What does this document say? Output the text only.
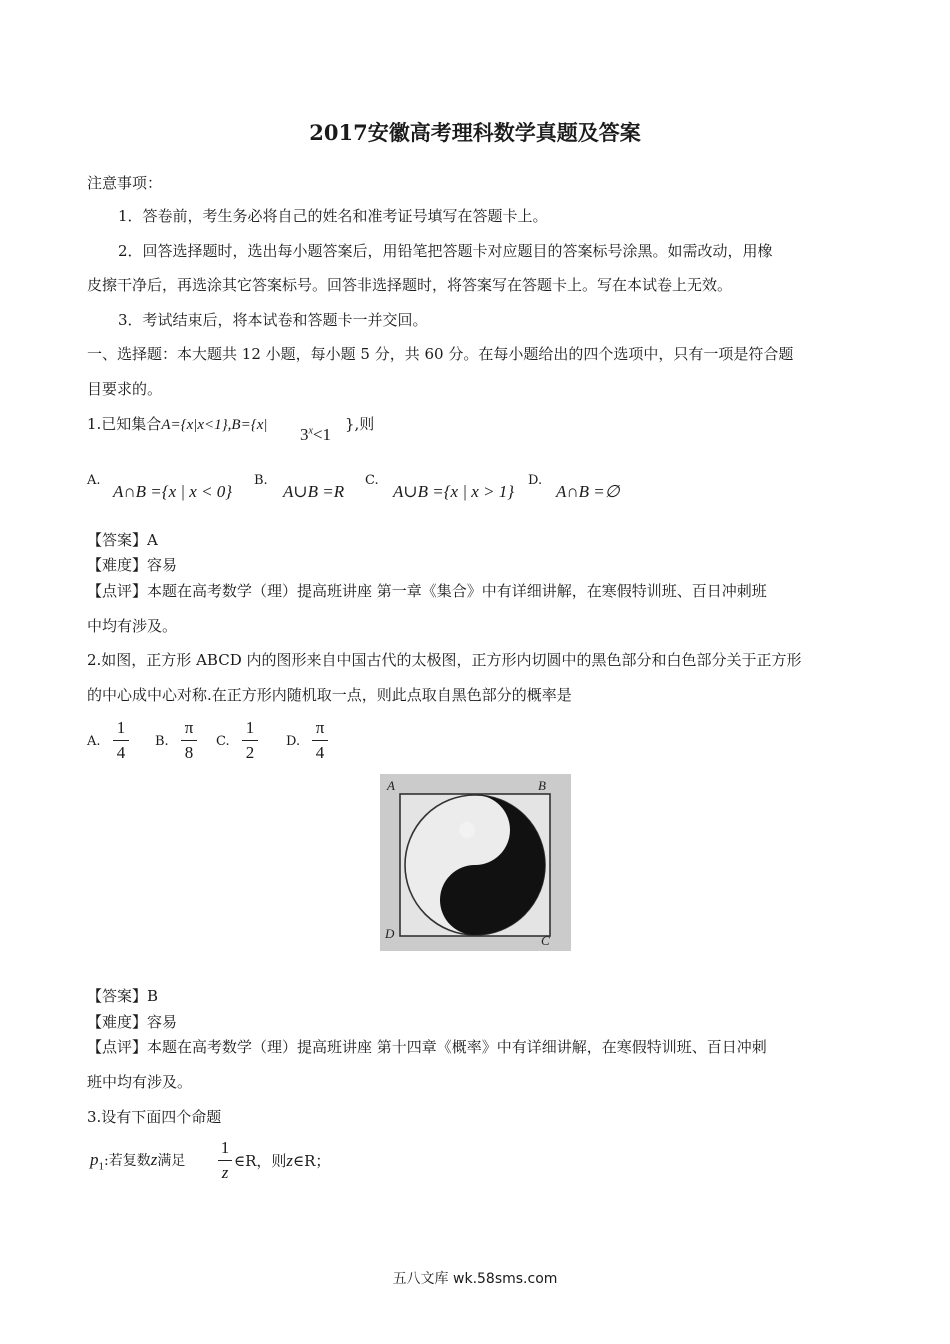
2017安徽高考理科数学真题及答案
注意事项：
1．答卷前，考生务必将自己的姓名和准考证号填写在答题卡上。
2．回答选择题时，选出每小题答案后，用铅笔把答题卡对应题目的答案标号涂黑。如需改动，用橡
皮擦干净后，再选涂其它答案标号。回答非选择题时，将答案写在答题卡上。写在本试卷上无效。
3．考试结束后，将本试卷和答题卡一并交回。
一、选择题：本大题共 12 小题，每小题 5 分，共 60 分。在每小题给出的四个选项中，只有一项是符合题
目要求的。
1.已知集合A={x|x<1},B={x| $3^x<1$
},则
A.
A∩B ={x | x < 0}
B.
A∪B =R
C.
A∪B ={x | x > 1}
D.
A∩B =∅
【答案】A
【难度】容易
【点评】本题在高考数学（理）提高班讲座 第一章《集合》中有详细讲解，在寒假特训班、百日冲刺班
中均有涉及。
2.如图，正方形 ABCD 内的图形来自中国古代的太极图，正方形内切圆中的黑色部分和白色部分关于正方形
的中心成中心对称.在正方形内随机取一点，则此点取自黑色部分的概率是
A.
1
4
B.
π
8
C.
1
2
D.
π
4
A	B
C
D
【答案】B
【难度】容易
【点评】本题在高考数学（理）提高班讲座 第十四章《概率》中有详细讲解，在寒假特训班、百日冲刺
班中均有涉及。
3.设有下面四个命题
$p_1$:若复数z满足
1
z
∈R，则z∈R；
五八文库 wk.58sms.com
